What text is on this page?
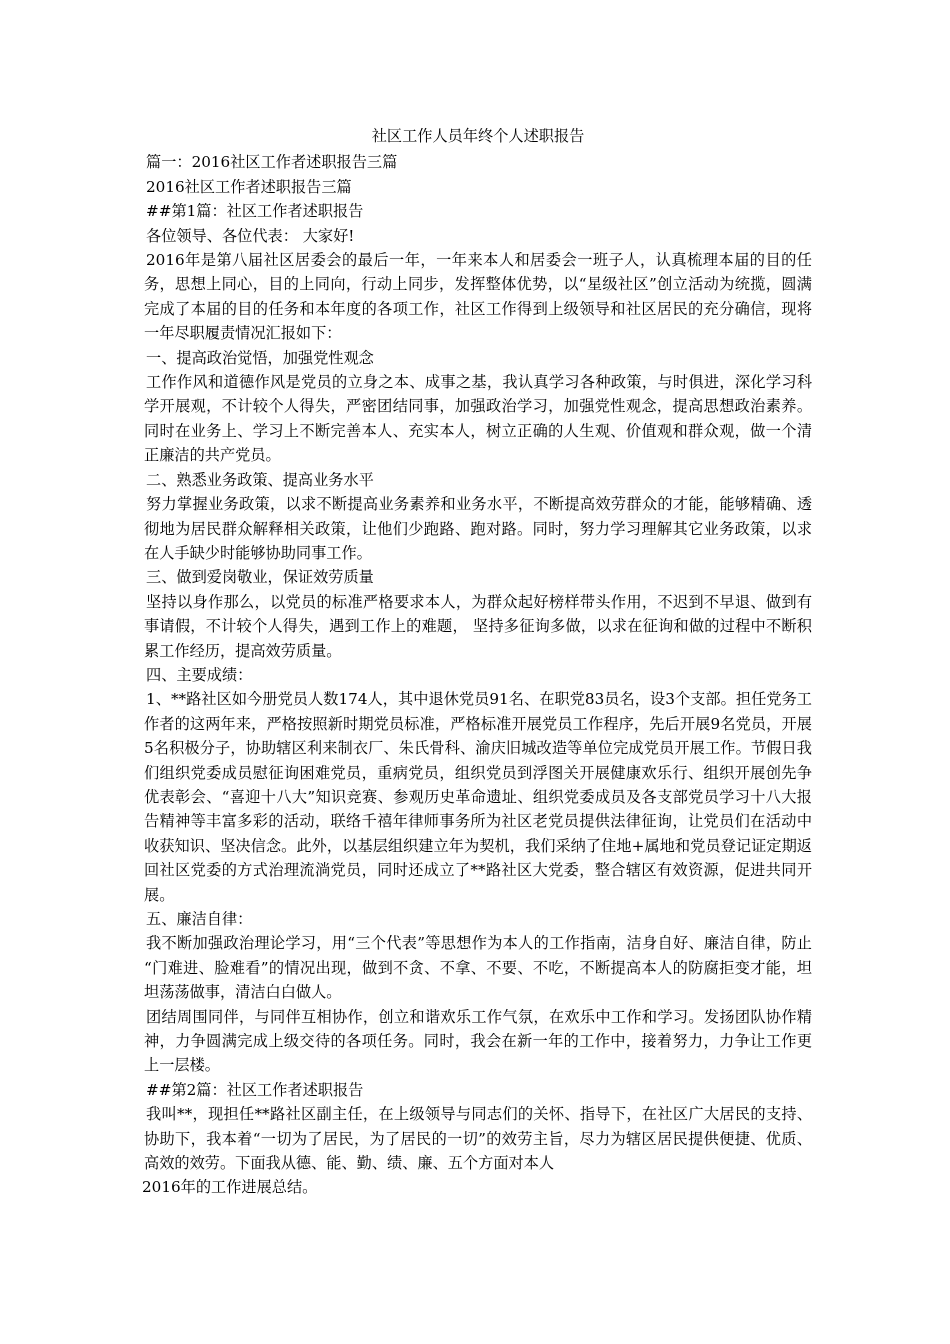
社区工作人员年终个人述职报告

篇一：2016社区工作者述职报告三篇

2016社区工作者述职报告三篇

##第1篇：社区工作者述职报告

各位领导、各位代表： 大家好!

2016年是第八届社区居委会的最后一年，一年来本人和居委会一班子人，认真梳理本届的目的任务，思想上同心，目的上同向，行动上同步，发挥整体优势，以“星级社区”创立活动为统揽，圆满完成了本届的目的任务和本年度的各项工作，社区工作得到上级领导和社区居民的充分确信，现将一年尽职履责情况汇报如下：

一、提高政治觉悟，加强党性观念

工作作风和道德作风是党员的立身之本、成事之基，我认真学习各种政策，与时俱进，深化学习科学开展观，不计较个人得失，严密团结同事，加强政治学习，加强党性观念，提高思想政治素养。同时在业务上、学习上不断完善本人、充实本人，树立正确的人生观、价值观和群众观，做一个清正廉洁的共产党员。

二、熟悉业务政策、提高业务水平

努力掌握业务政策，以求不断提高业务素养和业务水平，不断提高效劳群众的才能，能够精确、透彻地为居民群众解释相关政策，让他们少跑路、跑对路。同时，努力学习理解其它业务政策，以求在人手缺少时能够协助同事工作。

三、做到爱岗敬业，保证效劳质量

坚持以身作那么，以党员的标准严格要求本人，为群众起好榜样带头作用，不迟到不早退、做到有事请假，不计较个人得失，遇到工作上的难题， 坚持多征询多做，以求在征询和做的过程中不断积累工作经历，提高效劳质量。

四、主要成绩：

1、**路社区如今册党员人数174人，其中退休党员91名、在职党83员名，设3个支部。担任党务工作者的这两年来，严格按照新时期党员标准，严格标准开展党员工作程序，先后开展9名党员，开展5名积极分子，协助辖区利来制衣厂、朱氏骨科、渝庆旧城改造等单位完成党员开展工作。节假日我们组织党委成员慰征询困难党员，重病党员，组织党员到浮图关开展健康欢乐行、组织开展创先争优表彰会、“喜迎十八大”知识竞赛、参观历史革命遗址、组织党委成员及各支部党员学习十八大报告精神等丰富多彩的活动，联络千禧年律师事务所为社区老党员提供法律征询，让党员们在活动中收获知识、坚决信念。此外，以基层组织建立年为契机，我们采纳了住地+属地和党员登记证定期返回社区党委的方式治理流淌党员，同时还成立了**路社区大党委，整合辖区有效资源，促进共同开展。

五、廉洁自律：

我不断加强政治理论学习，用“三个代表”等思想作为本人的工作指南，洁身自好、廉洁自律，防止 “门难进、脸难看”的情况出现，做到不贪、不拿、不要、不吃，不断提高本人的防腐拒变才能，坦坦荡荡做事，清洁白白做人。

团结周围同伴，与同伴互相协作，创立和谐欢乐工作气氛，在欢乐中工作和学习。发扬团队协作精神，力争圆满完成上级交待的各项任务。同时，我会在新一年的工作中，接着努力，力争让工作更上一层楼。

##第2篇：社区工作者述职报告

我叫**，现担任**路社区副主任，在上级领导与同志们的关怀、指导下，在社区广大居民的支持、协助下，我本着“一切为了居民，为了居民的一切”的效劳主旨，尽力为辖区居民提供便捷、优质、高效的效劳。下面我从德、能、勤、绩、廉、五个方面对本人

2016年的工作进展总结。
